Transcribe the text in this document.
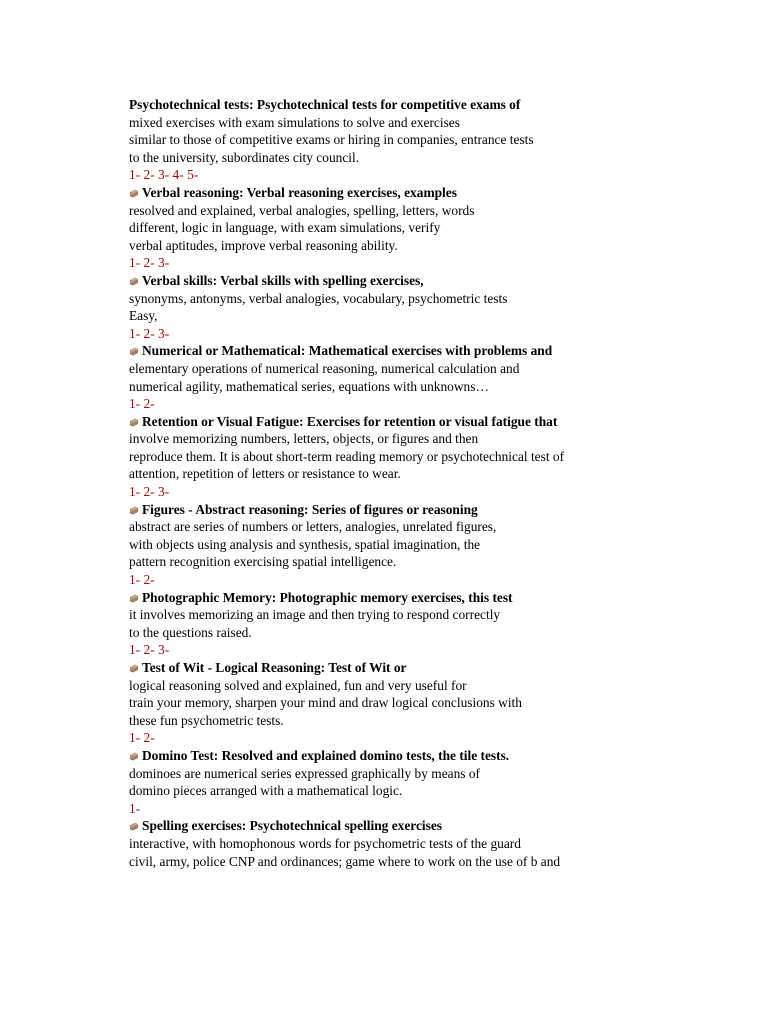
Psychotechnical tests: Psychotechnical tests for competitive exams of
mixed exercises with exam simulations to solve and exercises
similar to those of competitive exams or hiring in companies, entrance tests
to the university, subordinates city council.
1- 2- 3- 4- 5-
Verbal reasoning: Verbal reasoning exercises, examples
resolved and explained, verbal analogies, spelling, letters, words
different, logic in language, with exam simulations, verify
verbal aptitudes, improve verbal reasoning ability.
1- 2- 3-
Verbal skills: Verbal skills with spelling exercises,
synonyms, antonyms, verbal analogies, vocabulary, psychometric tests
Easy,
1- 2- 3-
Numerical or Mathematical: Mathematical exercises with problems and
elementary operations of numerical reasoning, numerical calculation and
numerical agility, mathematical series, equations with unknowns…
1- 2-
Retention or Visual Fatigue: Exercises for retention or visual fatigue that
involve memorizing numbers, letters, objects, or figures and then
reproduce them. It is about short-term reading memory or psychotechnical test of
attention, repetition of letters or resistance to wear.
1- 2- 3-
Figures - Abstract reasoning: Series of figures or reasoning
abstract are series of numbers or letters, analogies, unrelated figures,
with objects using analysis and synthesis, spatial imagination, the
pattern recognition exercising spatial intelligence.
1- 2-
Photographic Memory: Photographic memory exercises, this test
it involves memorizing an image and then trying to respond correctly
to the questions raised.
1- 2- 3-
Test of Wit - Logical Reasoning: Test of Wit or
logical reasoning solved and explained, fun and very useful for
train your memory, sharpen your mind and draw logical conclusions with
these fun psychometric tests.
1- 2-
Domino Test: Resolved and explained domino tests, the tile tests.
dominoes are numerical series expressed graphically by means of
domino pieces arranged with a mathematical logic.
1-
Spelling exercises: Psychotechnical spelling exercises
interactive, with homophonous words for psychometric tests of the guard
civil, army, police CNP and ordinances; game where to work on the use of b and
